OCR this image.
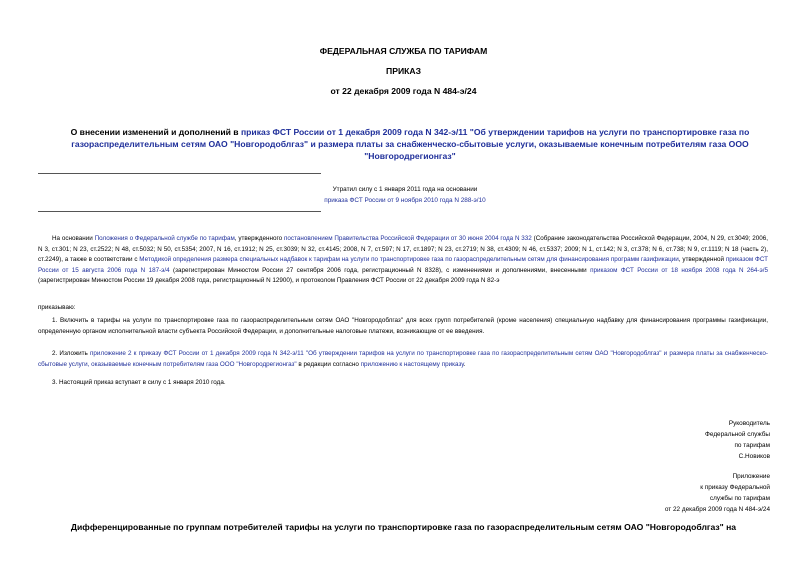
ФЕДЕРАЛЬНАЯ СЛУЖБА ПО ТАРИФАМ
ПРИКАЗ
от 22 декабря 2009 года N 484-э/24
О внесении изменений и дополнений в приказ ФСТ России от 1 декабря 2009 года N 342-э/11 "Об утверждении тарифов на услуги по транспортировке газа по газораспределительным сетям ОАО "Новгородоблгаз" и размера платы за снабженческо-сбытовые услуги, оказываемые конечным потребителям газа ООО "Новгородрегионгаз"
Утратил силу с 1 января 2011 года на основании
приказа ФСТ России от 9 ноября 2010 года N 288-э/10

На основании Положения о Федеральной службе по тарифам, утвержденного постановлением Правительства Российской Федерации от 30 июня 2004 года N 332 (Собрание законодательства Российской Федерации, 2004, N 29, ст.3049; 2006, N 3, ст.301; N 23, ст.2522; N 48, ст.5032; N 50, ст.5354; 2007, N 16, ст.1912; N 25, ст.3039; N 32, ст.4145; 2008, N 7, ст.597; N 17, ст.1897; N 23, ст.2719; N 38, ст.4309; N 46, ст.5337; 2009; N 1, ст.142; N 3, ст.378; N 6, ст.738; N 9, ст.1119; N 18 (часть 2), ст.2249), а также в соответствии с Методикой определения размера специальных надбавок к тарифам на услуги по транспортировке газа по газораспределительным сетям для финансирования программ газификации, утвержденной приказом ФСТ России от 15 августа 2006 года N 187-э/4 (зарегистрирован Минюстом России 27 сентября 2006 года, регистрационный N 8328), с изменениями и дополнениями, внесенными приказом ФСТ России от 18 ноября 2008 года N 264-э/5 (зарегистрирован Минюстом России 19 декабря 2008 года, регистрационный N 12900), и протоколом Правления ФСТ России от 22 декабря 2009 года N 82-э

приказываю:

1. Включить в тарифы на услуги по транспортировке газа по газораспределительным сетям ОАО "Новгородоблгаз" для всех групп потребителей (кроме населения) специальную надбавку для финансирования программы газификации, определенную органом исполнительной власти субъекта Российской Федерации, и дополнительные налоговые платежи, возникающие от ее введения.

2. Изложить приложение 2 к приказу ФСТ России от 1 декабря 2009 года N 342-э/11 "Об утверждении тарифов на услуги по транспортировке газа по газораспределительным сетям ОАО "Новгородоблгаз" и размера платы за снабженческо-сбытовые услуги, оказываемые конечным потребителям газа ООО "Новгородрегионгаз" в редакции согласно приложению к настоящему приказу.

3. Настоящий приказ вступает в силу с 1 января 2010 года.

Руководитель
Федеральной службы
по тарифам
С.Новиков
Приложение
к приказу Федеральной
службы по тарифам
от 22 декабря 2009 года N 484-э/24
Дифференцированные по группам потребителей тарифы на услуги по транспортировке газа по газораспределительным сетям ОАО "Новгородоблгаз" на
